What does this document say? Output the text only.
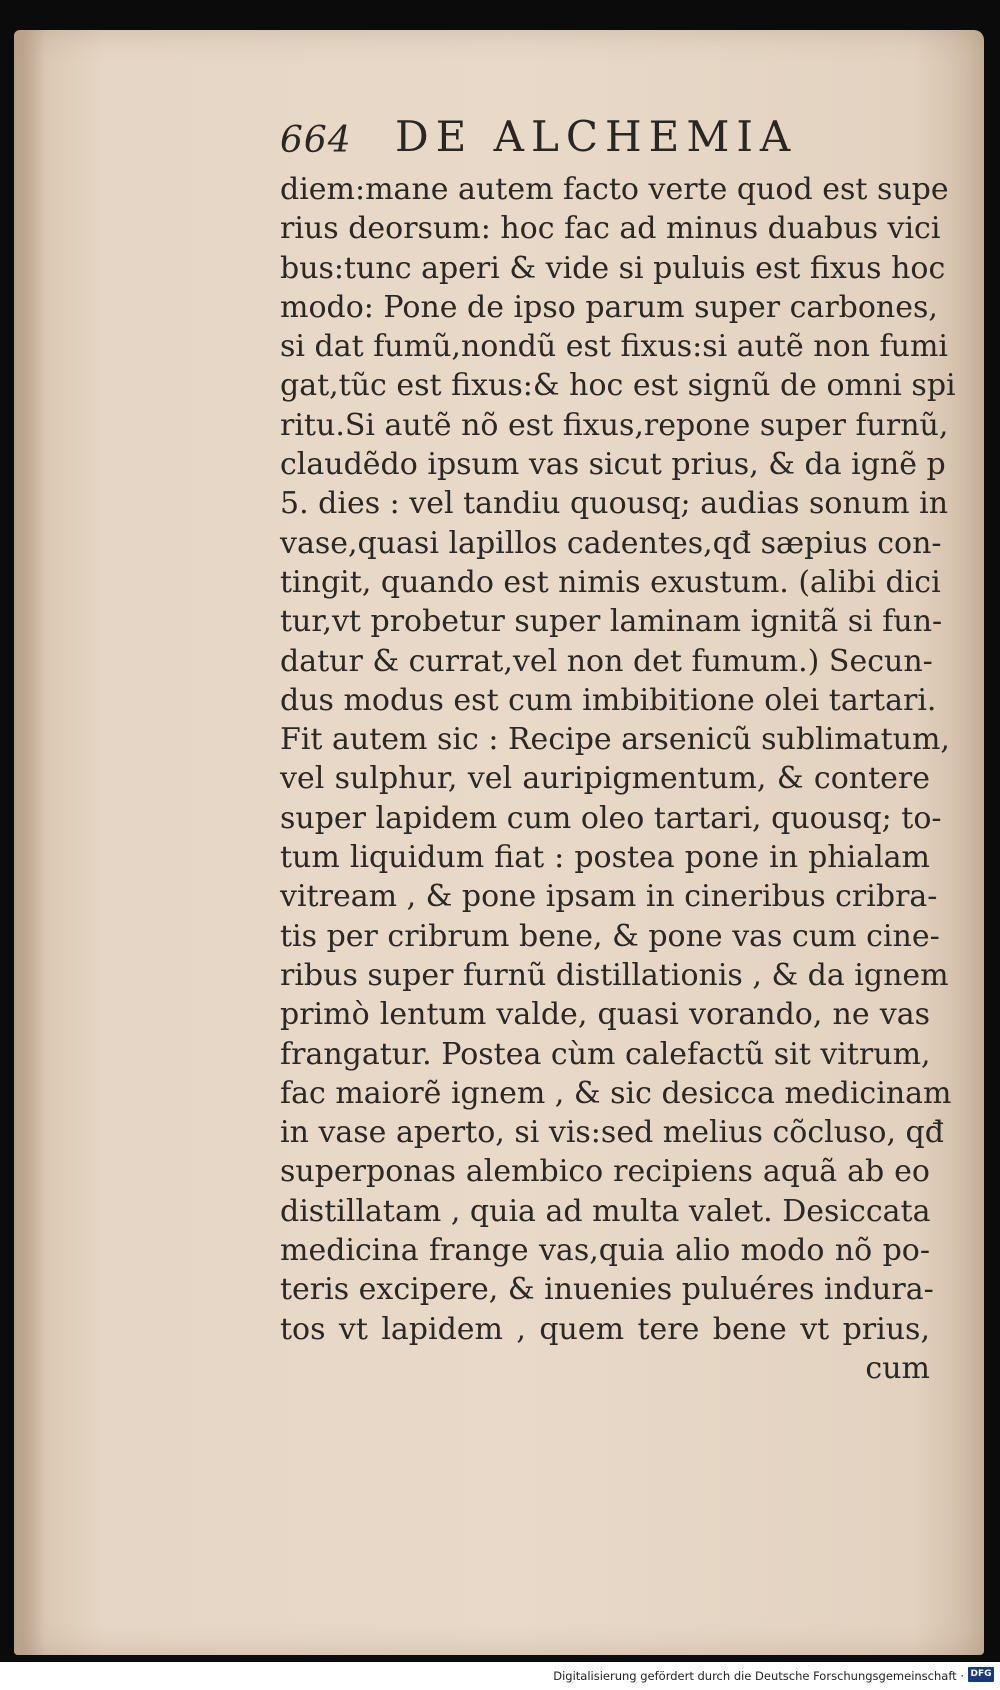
664 DE ALCHEMIA
diem:mane autem facto verte quod est supe
rius deorsum: hoc fac ad minus duabus vici
bus:tunc aperi & vide si puluis est fixus hoc
modo: Pone de ipso parum super carbones,
si dat fumũ,nondũ est fixus:si autẽ non fumi
gat,tũc est fixus:& hoc est signũ de omni spi
ritu.Si autẽ nõ est fixus,repone super furnũ,
claudẽdo ipsum vas sicut prius, & da ignẽ p
5. dies : vel tandiu quousq; audias sonum in
vase,quasi lapillos cadentes,qđ sæpius con-
tingit, quando est nimis exustum. (alibi dici
tur,vt probetur super laminam ignitã si fun-
datur & currat,vel non det fumum.) Secun-
dus modus est cum imbibitione olei tartari.
Fit autem sic : Recipe arsenicũ sublimatum,
vel sulphur, vel auripigmentum, & contere
super lapidem cum oleo tartari, quousq; to-
tum liquidum fiat : postea pone in phialam
vitream , & pone ipsam in cineribus cribra-
tis per cribrum bene, & pone vas cum cine-
ribus super furnũ distillationis , & da ignem
primò lentum valde, quasi vorando, ne vas
frangatur. Postea cùm calefactũ sit vitrum,
fac maiorẽ ignem , & sic desicca medicinam
in vase aperto, si vis:sed melius cõcluso, qđ
superponas alembico recipiens aquã ab eo
distillatam , quia ad multa valet. Desiccata
medicina frange vas,quia alio modo nõ po-
teris excipere, & inuenies puluéres indura-
tos vt lapidem , quem tere bene vt prius,
cum
Digitalisierung gefördert durch die Deutsche Forschungsgemeinschaft · DFG
